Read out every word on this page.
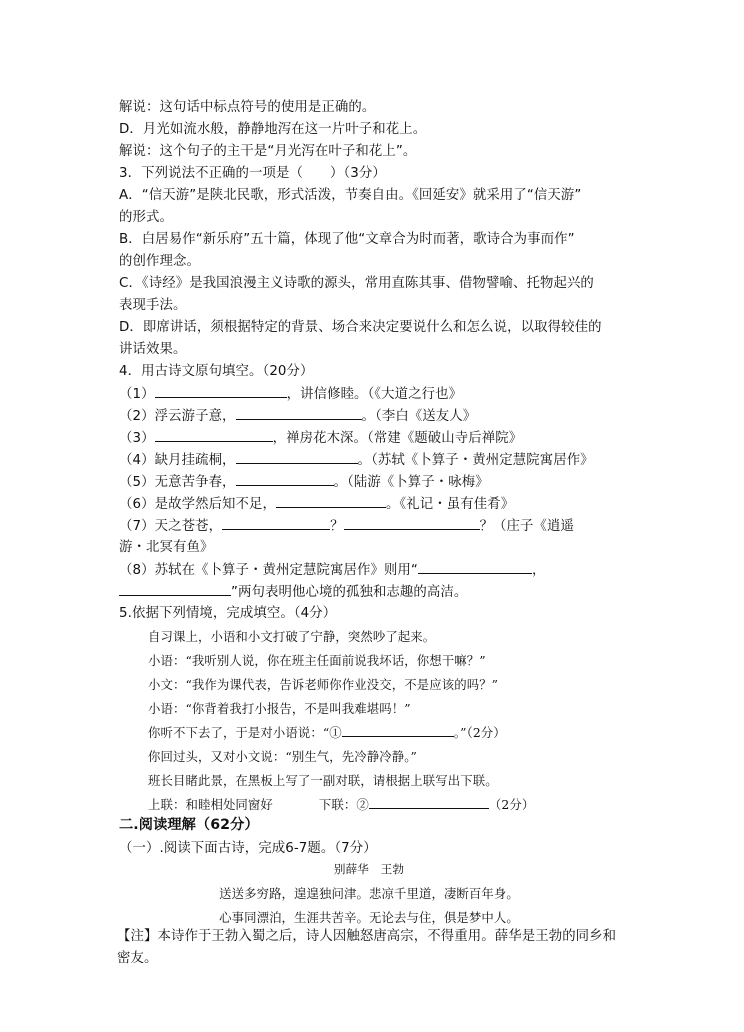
解说：这句话中标点符号的使用是正确的。
D．月光如流水般，静静地泻在这一片叶子和花上。
解说：这个句子的主干是“月光泻在叶子和花上”。
3．下列说法不正确的一项是（　　）（3分）
A．“信天游”是陕北民歌，形式活泼，节奏自由。《回延安》就采用了“信天游”
的形式。
B．白居易作“新乐府”五十篇，体现了他“文章合为时而著，歌诗合为事而作”
的创作理念。
C．《诗经》是我国浪漫主义诗歌的源头，常用直陈其事、借物譬喻、托物起兴的
表现手法。
D．即席讲话，须根据特定的背景、场合来决定要说什么和怎么说，以取得较佳的
讲话效果。
4．用古诗文原句填空。（20分）
（1）	，讲信修睦。（《大道之行也》
（2）浮云游子意，	。（李白《送友人》
（3）	，禅房花木深。（常建《题破山寺后禅院》
（4）缺月挂疏桐，	。（苏轼《卜算子・黄州定慧院寓居作》
（5）无意苦争春，	。（陆游《卜算子・咏梅》
（6）是故学然后知不足，	。《礼记・虽有佳肴》
（7）天之苍苍，	？	？（庄子《逍遥
游・北冥有鱼》
（8）苏轼在《卜算子・黄州定慧院寓居作》则用“	，
”两句表明他心境的孤独和志趣的高洁。
5.依据下列情境，完成填空。（4分）
自习课上，小语和小文打破了宁静，突然吵了起来。
小语：“我听别人说，你在班主任面前说我坏话，你想干嘛？”
小文：“我作为课代表，告诉老师你作业没交，不是应该的吗？”
小语：“你背着我打小报告，不是叫我难堪吗！”
你听不下去了，于是对小语说：“①	。”（2分）
你回过头，又对小文说：“别生气，先冷静冷静。”
班长目睹此景，在黑板上写了一副对联，请根据上联写出下联。
上联：和睦相处同窗好	下联：②	（2分）
二.阅读理解（62分）
（一）.阅读下面古诗，完成6-7题。（7分）
别薛华　王勃
送送多穷路，遑遑独问津。悲凉千里道，凄断百年身。
心事同漂泊，生涯共苦辛。无论去与住，俱是梦中人。
【注】本诗作于王勃入蜀之后，诗人因触怒唐高宗，不得重用。薛华是王勃的同乡和
密友。
